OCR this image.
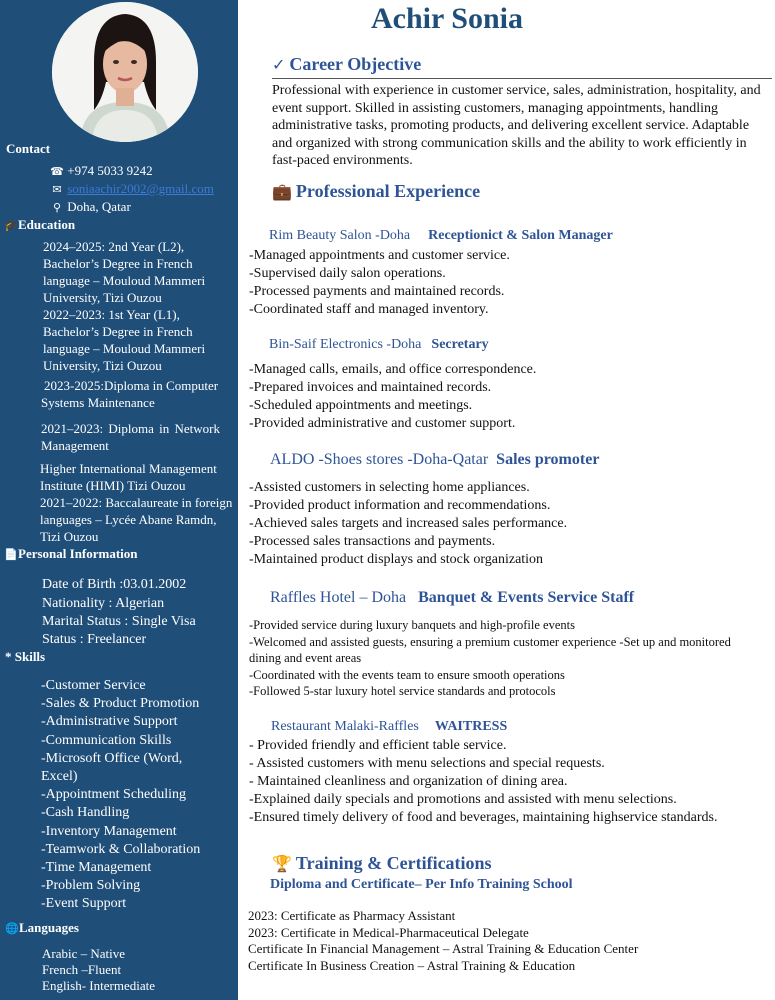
Contact
☎ +974 5033 9242
✉ soniaachir2002@gmail.com
⚲ Doha, Qatar
🎓Education
2024–2025: 2nd Year (L2), Bachelor’s Degree in French language – Mouloud Mammeri University, Tizi Ouzou
2022–2023: 1st Year (L1), Bachelor’s Degree in French language – Mouloud Mammeri University, Tizi Ouzou
2023-2025:Diploma in Computer Systems Maintenance
2021–2023: Diploma in Network Management
Higher International Management Institute (HIMI) Tizi Ouzou
2021–2022: Baccalaureate in foreign languages – Lycée Abane Ramdn, Tizi Ouzou
📄Personal Information
Date of Birth :03.01.2002
Nationality : Algerian
Marital Status : Single Visa
Status : Freelancer
* Skills
-Customer Service
-Sales & Product Promotion
-Administrative Support
-Communication Skills
-Microsoft Office (Word, Excel)
-Appointment Scheduling
-Cash Handling
-Inventory Management
-Teamwork & Collaboration
-Time Management
-Problem Solving
-Event Support
🌐Languages
Arabic – Native
French –Fluent
English- Intermediate
Achir Sonia
✓ Career Objective
Professional with experience in customer service, sales, administration, hospitality, and event support. Skilled in assisting customers, managing appointments, handling administrative tasks, promoting products, and delivering excellent service. Adaptable and organized with strong communication skills and the ability to work efficiently in fast-paced environments.
💼 Professional Experience
Rim Beauty Salon -Doha Receptionict & Salon Manager
-Managed appointments and customer service.
-Supervised daily salon operations.
-Processed payments and maintained records.
-Coordinated staff and managed inventory.
Bin-Saif Electronics -Doha Secretary
-Managed calls, emails, and office correspondence.
-Prepared invoices and maintained records.
-Scheduled appointments and meetings.
-Provided administrative and customer support.
ALDO -Shoes stores -Doha-Qatar Sales promoter
-Assisted customers in selecting home appliances.
-Provided product information and recommendations.
-Achieved sales targets and increased sales performance.
-Processed sales transactions and payments.
-Maintained product displays and stock organization
Raffles Hotel – Doha Banquet & Events Service Staff
-Provided service during luxury banquets and high-profile events
-Welcomed and assisted guests, ensuring a premium customer experience -Set up and monitored dining and event areas
-Coordinated with the events team to ensure smooth operations
-Followed 5-star luxury hotel service standards and protocols
Restaurant Malaki-Raffles WAITRESS
- Provided friendly and efficient table service.
- Assisted customers with menu selections and special requests.
- Maintained cleanliness and organization of dining area.
-Explained daily specials and promotions and assisted with menu selections.
-Ensured timely delivery of food and beverages, maintaining highservice standards.
🏆 Training & Certifications
Diploma and Certificate– Per Info Training School
2023: Certificate as Pharmacy Assistant
2023: Certificate in Medical-Pharmaceutical Delegate
Certificate In Financial Management – Astral Training & Education Center
Certificate In Business Creation – Astral Training & Education
